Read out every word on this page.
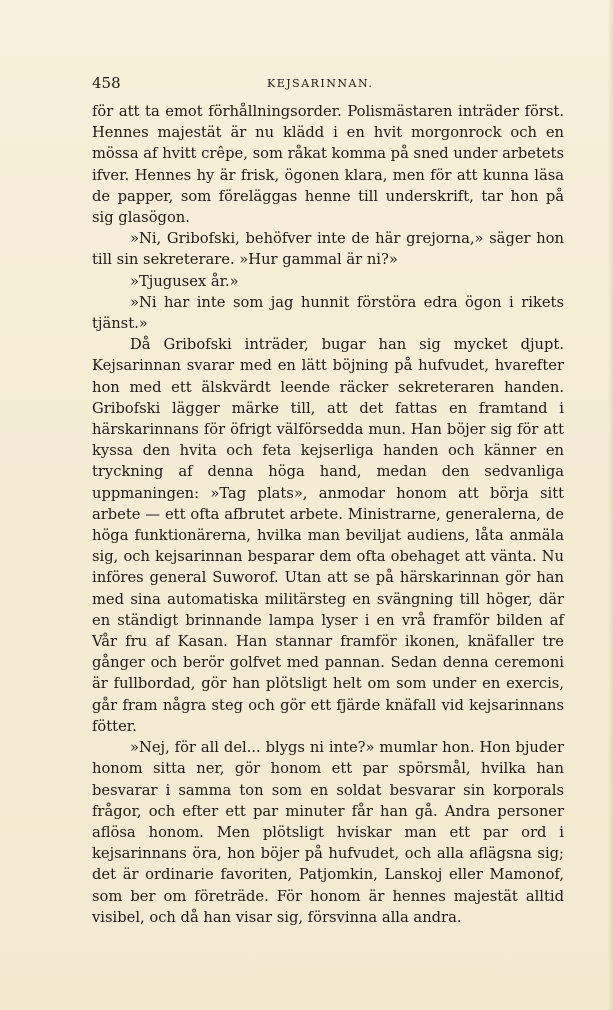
458	KEJSARINNAN.

för att ta emot förhållningsorder. Polismästaren inträder först. Hennes majestät är nu klädd i en hvit morgonrock och en mössa af hvitt crêpe, som råkat komma på sned under arbetets ifver. Hennes hy är frisk, ögonen klara, men för att kunna läsa de papper, som föreläggas henne till underskrift, tar hon på sig glasögon.

»Ni, Gribofski, behöfver inte de här grejorna,» säger hon till sin sekreterare. »Hur gammal är ni?»

»Tjugusex år.»

»Ni har inte som jag hunnit förstöra edra ögon i rikets tjänst.»

Då Gribofski inträder, bugar han sig mycket djupt. Kejsarinnan svarar med en lätt böjning på hufvudet, hvarefter hon med ett älskvärdt leende räcker sekreteraren handen. Gribofski lägger märke till, att det fattas en framtand i härskarinnans för öfrigt välförsedda mun. Han böjer sig för att kyssa den hvita och feta kejserliga handen och känner en tryckning af denna höga hand, medan den sedvanliga uppmaningen: »Tag plats», anmodar honom att börja sitt arbete — ett ofta afbrutet arbete. Ministrarne, generalerna, de höga funktionärerna, hvilka man beviljat audiens, låta anmäla sig, och kejsarinnan besparar dem ofta obehaget att vänta. Nu införes general Suworof. Utan att se på härskarinnan gör han med sina automatiska militärsteg en svängning till höger, där en ständigt brinnande lampa lyser i en vrå framför bilden af Vår fru af Kasan. Han stannar framför ikonen, knäfaller tre gånger och berör golfvet med pannan. Sedan denna ceremoni är fullbordad, gör han plötsligt helt om som under en exercis, går fram några steg och gör ett fjärde knäfall vid kejsarinnans fötter.

»Nej, för all del... blygs ni inte?» mumlar hon. Hon bjuder honom sitta ner, gör honom ett par spörsmål, hvilka han besvarar i samma ton som en soldat besvarar sin korporals frågor, och efter ett par minuter får han gå. Andra personer aflösa honom. Men plötsligt hviskar man ett par ord i kejsarinnans öra, hon böjer på hufvudet, och alla aflägsna sig; det är ordinarie favoriten, Patjomkin, Lanskoj eller Mamonof, som ber om företräde. För honom är hennes majestät alltid visibel, och då han visar sig, försvinna alla andra.
